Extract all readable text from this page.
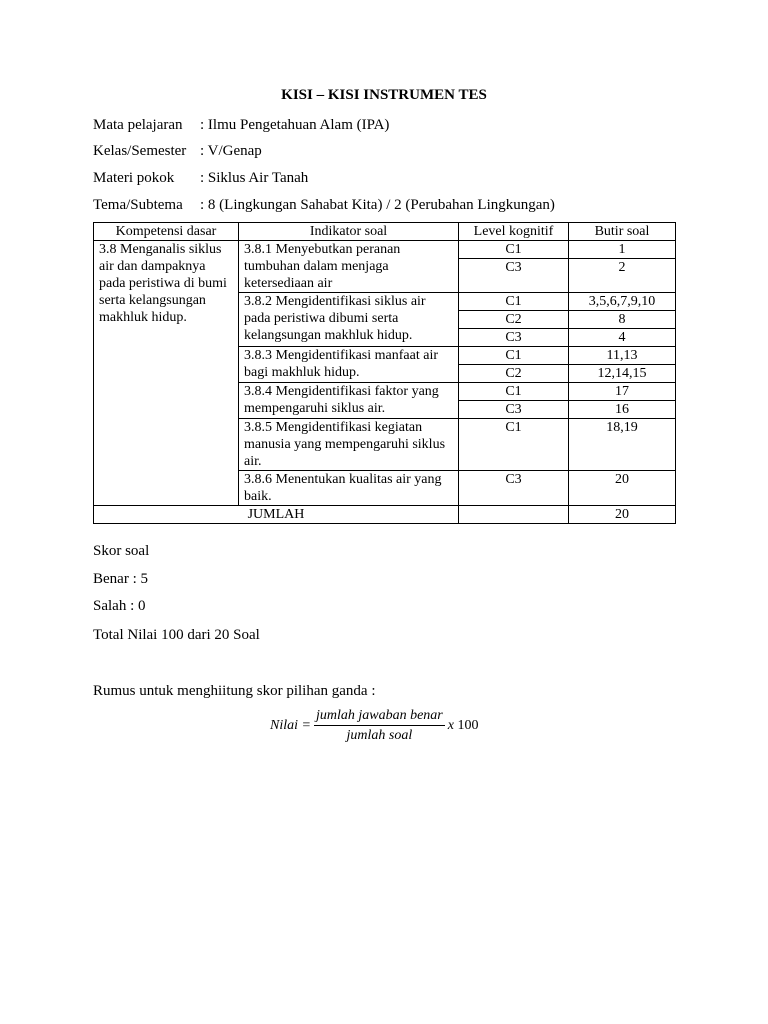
KISI – KISI INSTRUMEN TES
Mata pelajaran : Ilmu Pengetahuan Alam (IPA)
Kelas/Semester : V/Genap
Materi pokok : Siklus Air Tanah
Tema/Subtema : 8 (Lingkungan Sahabat Kita) / 2 (Perubahan Lingkungan)
Kompetensi dasar	Indikator soal	Level kognitif	Butir soal
3.8 Menganalis siklus air dan dampaknya pada peristiwa di bumi serta kelangsungan makhluk hidup.	3.8.1 Menyebutkan peranan tumbuhan dalam menjaga ketersediaan air	C1	1
		C3	2
	3.8.2 Mengidentifikasi siklus air pada peristiwa dibumi serta kelangsungan makhluk hidup.	C1	3,5,6,7,9,10
		C2	8
		C3	4
	3.8.3 Mengidentifikasi manfaat air bagi makhluk hidup.	C1	11,13
		C2	12,14,15
	3.8.4 Mengidentifikasi faktor yang mempengaruhi siklus air.	C1	17
		C3	16
	3.8.5 Mengidentifikasi kegiatan manusia yang mempengaruhi siklus air.	C1	18,19
	3.8.6 Menentukan kualitas air yang baik.	C3	20

JUMLAH			20
Skor soal
Benar : 5
Salah : 0
Total Nilai 100 dari 20 Soal
Rumus untuk menghiitung skor pilihan ganda :
Nilai = $\frac{\text{jumlah jawaban benar}}{\text{jumlah soal}}$ x
100
